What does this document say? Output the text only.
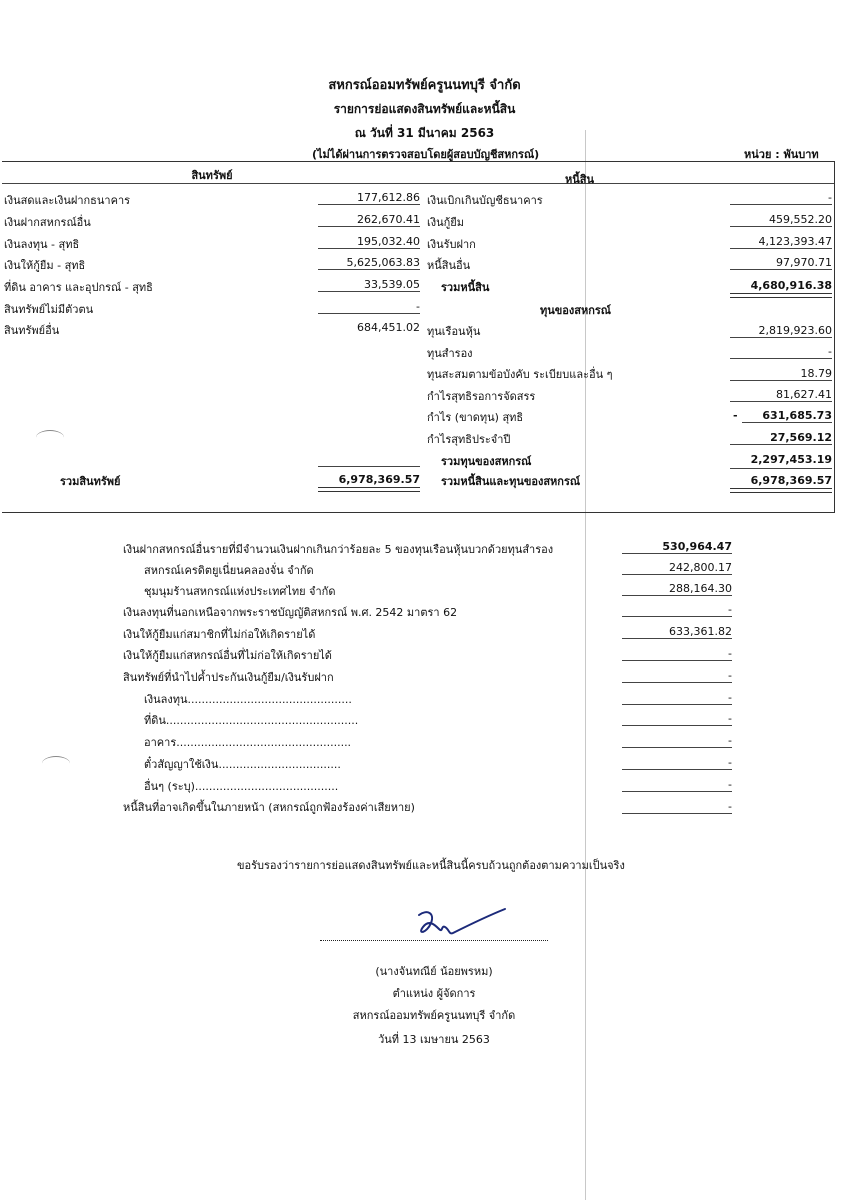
สหกรณ์ออมทรัพย์ครูนนทบุรี จำกัด
รายการย่อแสดงสินทรัพย์และหนี้สิน
ณ วันที่ 31 มีนาคม 2563
(ไม่ได้ผ่านการตรวจสอบโดยผู้สอบบัญชีสหกรณ์)	หน่วย : พันบาท
สินทรัพย์	หนี้สิน
เงินสดและเงินฝากธนาคาร	177,612.86
เงินฝากสหกรณ์อื่น	262,670.41
เงินลงทุน - สุทธิ	195,032.40
เงินให้กู้ยืม - สุทธิ	5,625,063.83
ที่ดิน อาคาร และอุปกรณ์ - สุทธิ	33,539.05
สินทรัพย์ไม่มีตัวตน	-
สินทรัพย์อื่น	684,451.02
รวมสินทรัพย์	6,978,369.57
เงินเบิกเกินบัญชีธนาคาร	-
เงินกู้ยืม	459,552.20
เงินรับฝาก	4,123,393.47
หนี้สินอื่น	97,970.71
รวมหนี้สิน	4,680,916.38
ทุนของสหกรณ์
ทุนเรือนหุ้น	2,819,923.60
ทุนสำรอง	-
ทุนสะสมตามข้อบังคับ ระเบียบและอื่น ๆ	18.79
กำไรสุทธิรอการจัดสรร	81,627.41
กำไร (ขาดทุน) สุทธิ	-	631,685.73
กำไรสุทธิประจำปี	27,569.12
รวมทุนของสหกรณ์	2,297,453.19
รวมหนี้สินและทุนของสหกรณ์	6,978,369.57
เงินฝากสหกรณ์อื่นรายที่มีจำนวนเงินฝากเกินกว่าร้อยละ 5 ของทุนเรือนหุ้นบวกด้วยทุนสำรอง	530,964.47
สหกรณ์เครดิตยูเนี่ยนคลองจั่น จำกัด	242,800.17
ชุมนุมร้านสหกรณ์แห่งประเทศไทย จำกัด	288,164.30
เงินลงทุนที่นอกเหนือจากพระราชบัญญัติสหกรณ์ พ.ศ. 2542 มาตรา 62	-
เงินให้กู้ยืมแก่สมาชิกที่ไม่ก่อให้เกิดรายได้	633,361.82
เงินให้กู้ยืมแก่สหกรณ์อื่นที่ไม่ก่อให้เกิดรายได้	-
สินทรัพย์ที่นำไปค้ำประกันเงินกู้ยืม/เงินรับฝาก	-
เงินลงทุน...............................................	-
ที่ดิน.......................................................	-
อาคาร..................................................	-
ตั๋วสัญญาใช้เงิน...................................	-
อื่นๆ (ระบุ).........................................	-
หนี้สินที่อาจเกิดขึ้นในภายหน้า (สหกรณ์ถูกฟ้องร้องค่าเสียหาย)	-
ขอรับรองว่ารายการย่อแสดงสินทรัพย์และหนี้สินนี้ครบถ้วนถูกต้องตามความเป็นจริง
(นางจันทณีย์ น้อยพรหม)
ตำแหน่ง ผู้จัดการ
สหกรณ์ออมทรัพย์ครูนนทบุรี จำกัด
วันที่ 13 เมษายน 2563
